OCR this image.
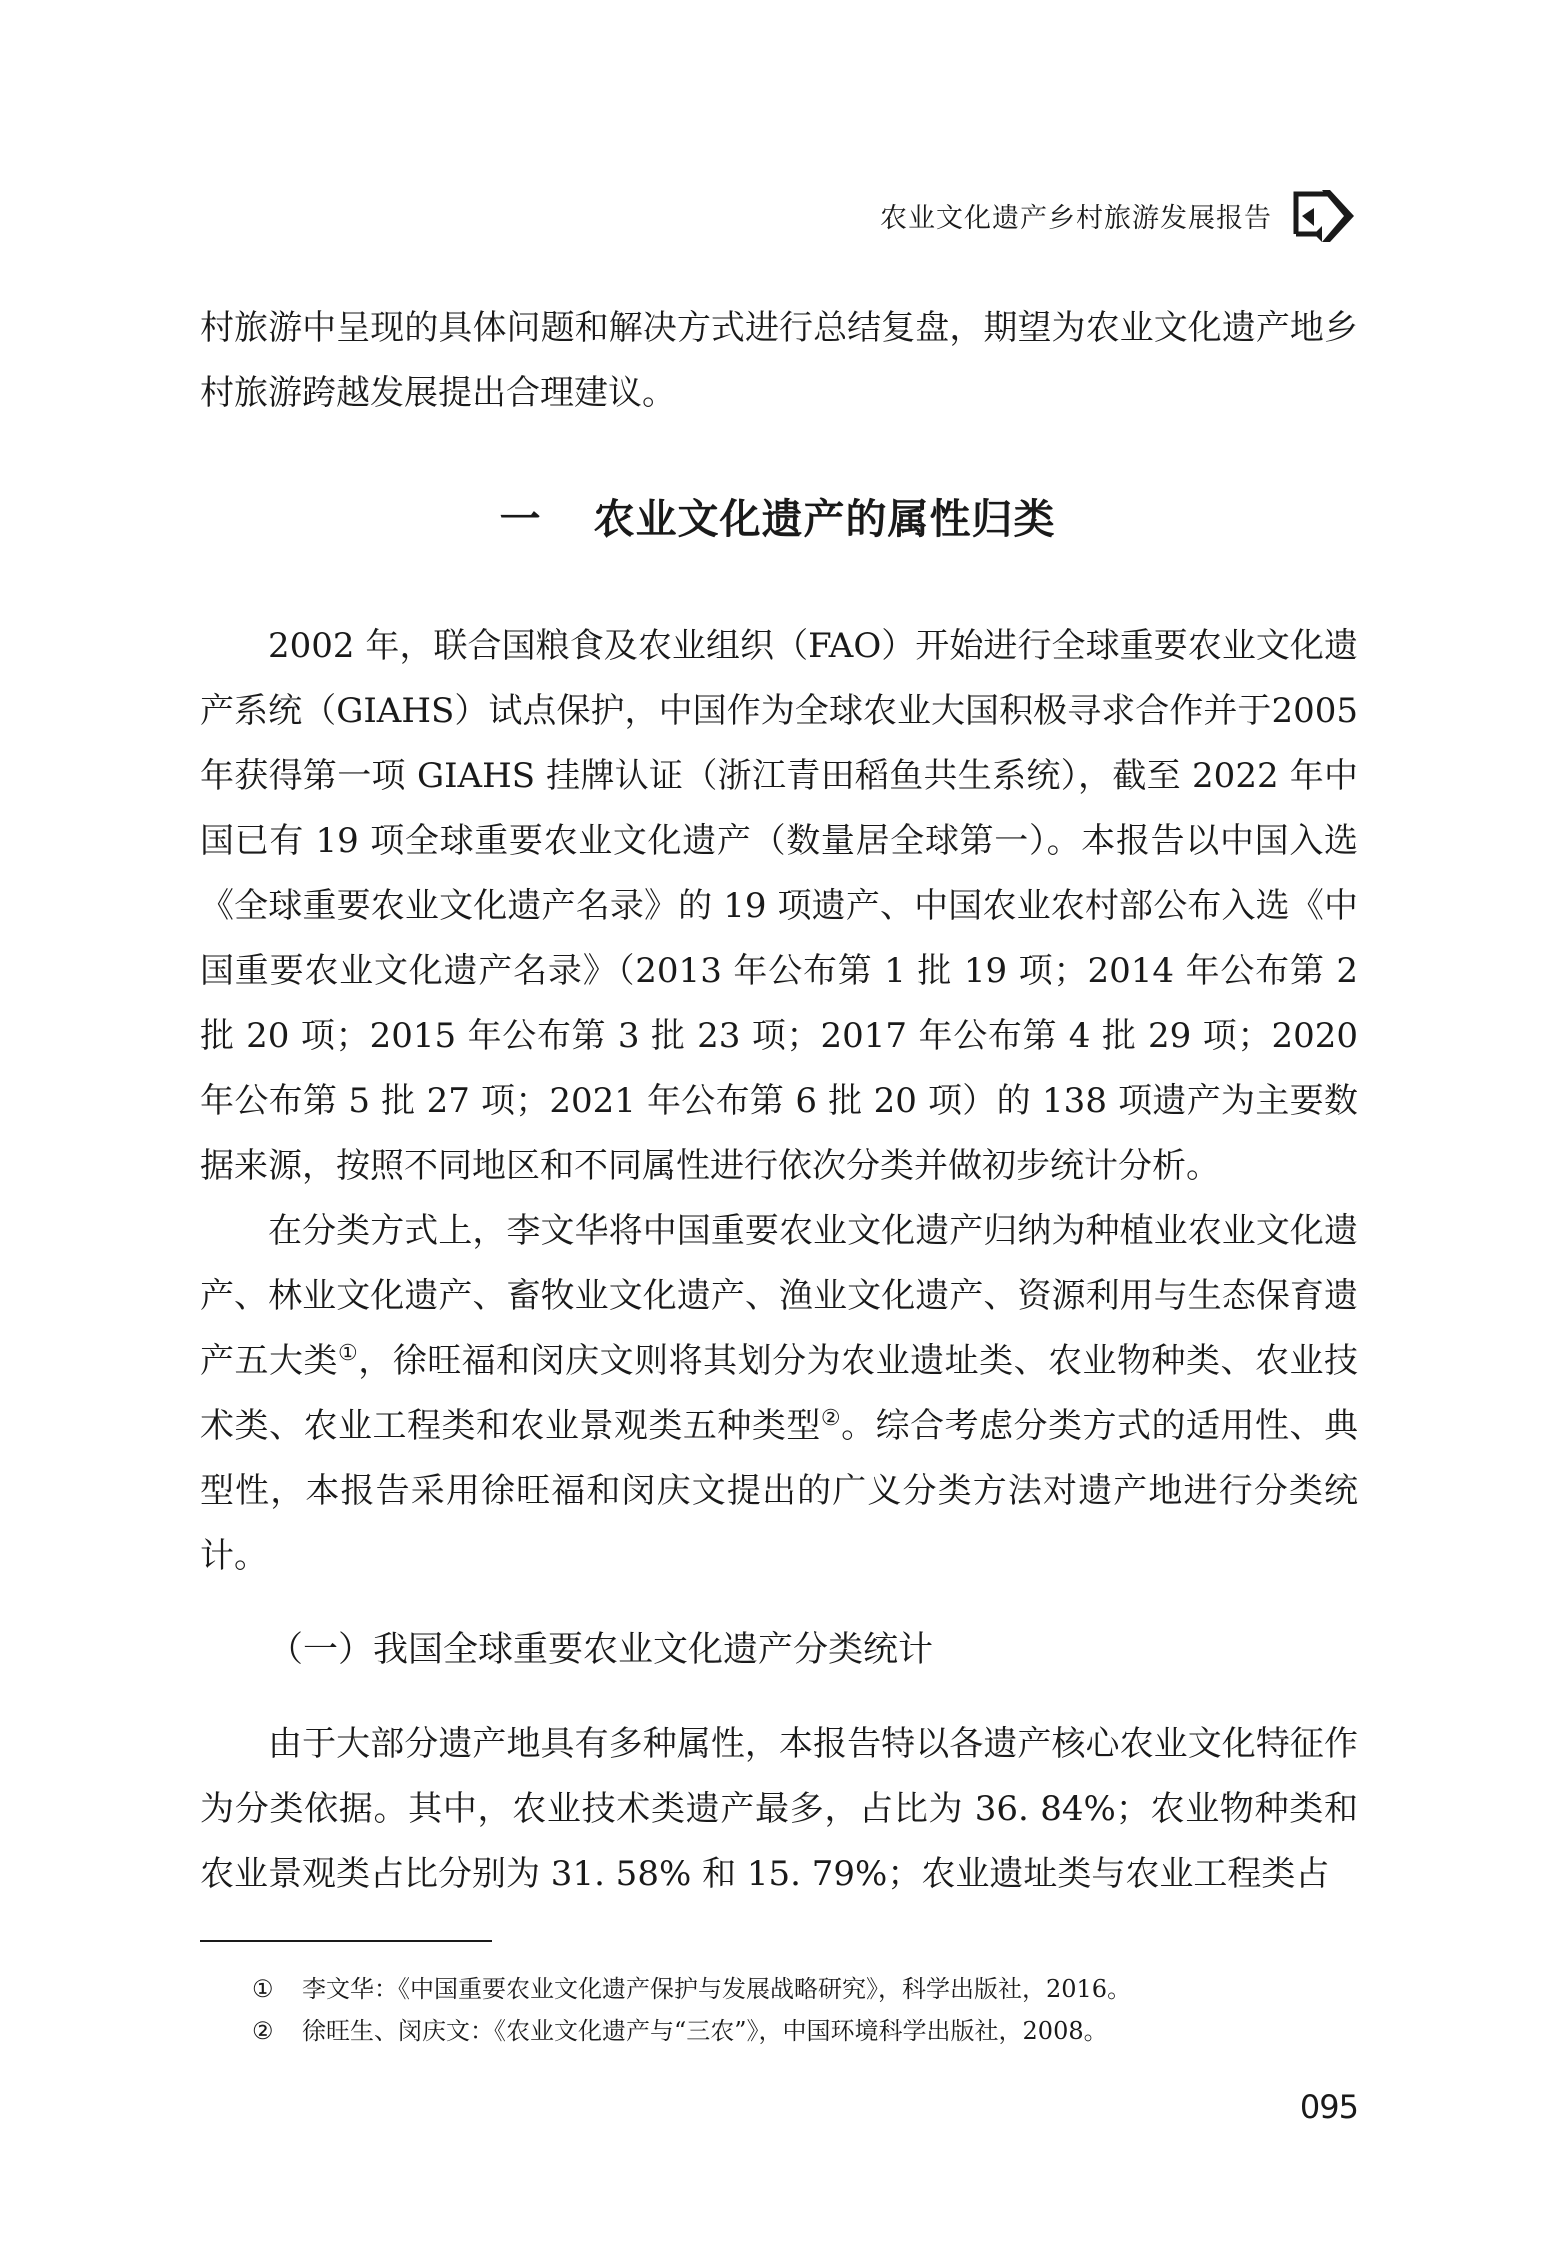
农业文化遗产乡村旅游发展报告

村旅游中呈现的具体问题和解决方式进行总结复盘，期望为农业文化遗产地乡村旅游跨越发展提出合理建议。

一 农业文化遗产的属性归类

2002 年，联合国粮食及农业组织（FAO）开始进行全球重要农业文化遗产系统（GIAHS）试点保护，中国作为全球农业大国积极寻求合作并于2005 年获得第一项 GIAHS 挂牌认证（浙江青田稻鱼共生系统），截至 2022 年中国已有 19 项全球重要农业文化遗产（数量居全球第一）。本报告以中国入选《全球重要农业文化遗产名录》的 19 项遗产、中国农业农村部公布入选《中国重要农业文化遗产名录》（2013 年公布第 1 批 19 项；2014 年公布第 2 批 20 项；2015 年公布第 3 批 23 项；2017 年公布第 4 批 29 项；2020 年公布第 5 批 27 项；2021 年公布第 6 批 20 项）的 138 项遗产为主要数据来源，按照不同地区和不同属性进行依次分类并做初步统计分析。

在分类方式上，李文华将中国重要农业文化遗产归纳为种植业农业文化遗产、林业文化遗产、畜牧业文化遗产、渔业文化遗产、资源利用与生态保育遗产五大类①，徐旺福和闵庆文则将其划分为农业遗址类、农业物种类、农业技术类、农业工程类和农业景观类五种类型②。综合考虑分类方式的适用性、典型性，本报告采用徐旺福和闵庆文提出的广义分类方法对遗产地进行分类统计。

（一）我国全球重要农业文化遗产分类统计

由于大部分遗产地具有多种属性，本报告特以各遗产核心农业文化特征作为分类依据。其中，农业技术类遗产最多，占比为 36. 84%；农业物种类和农业景观类占比分别为 31. 58% 和 15. 79%；农业遗址类与农业工程类占

① 李文华：《中国重要农业文化遗产保护与发展战略研究》，科学出版社，2016。

② 徐旺生、闵庆文：《农业文化遗产与“三农”》，中国环境科学出版社，2008。

095
